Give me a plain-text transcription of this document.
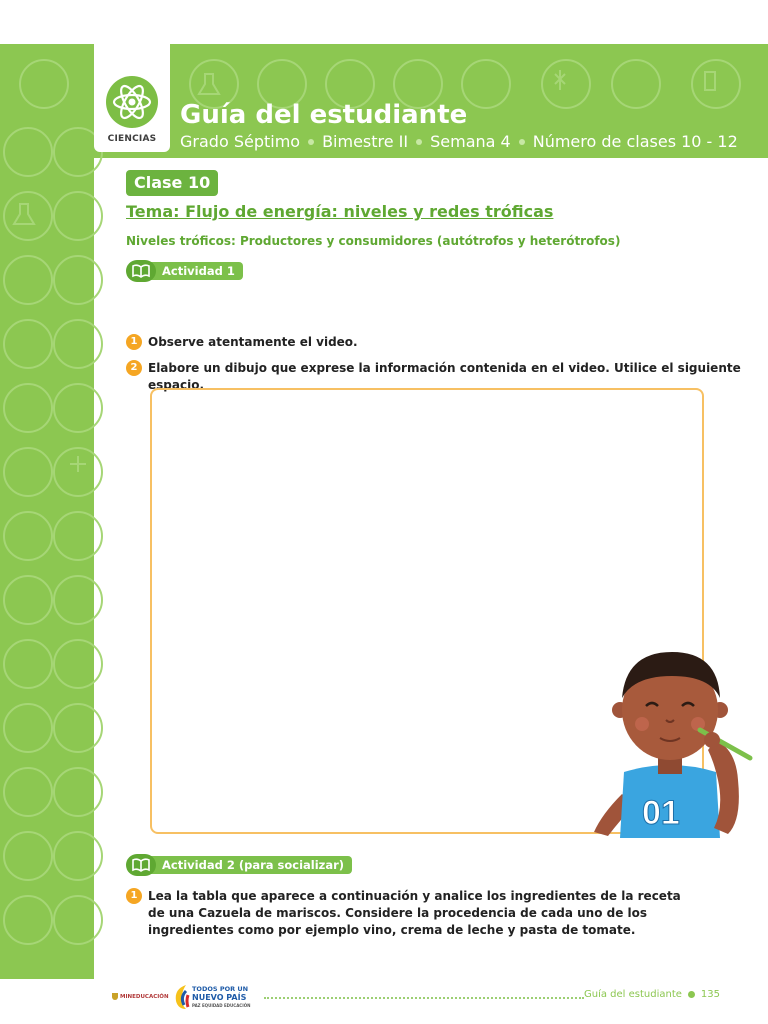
CIENCIAS
Guía del estudiante
Grado Séptimo Bimestre II Semana 4 Número de clases 10 - 12
Clase 10
Tema: Flujo de energía: niveles y redes tróficas
Niveles tróficos: Productores y consumidores (autótrofos y heterótrofos)
Actividad 1
1 Observe atentamente el video.
2 Elabore un dibujo que exprese la información contenida en el video. Utilice el siguiente espacio.
01
Actividad 2 (para socializar)
1 Lea la tabla que aparece a continuación y analice los ingredientes de la receta de una Cazuela de mariscos. Considere la procedencia de cada uno de los ingredientes como por ejemplo vino, crema de leche y pasta de tomate.
MINEDUCACIÓN
TODOS POR UN
NUEVO PAÍS
PAZ EQUIDAD EDUCACIÓN
Guía del estudiante 135
